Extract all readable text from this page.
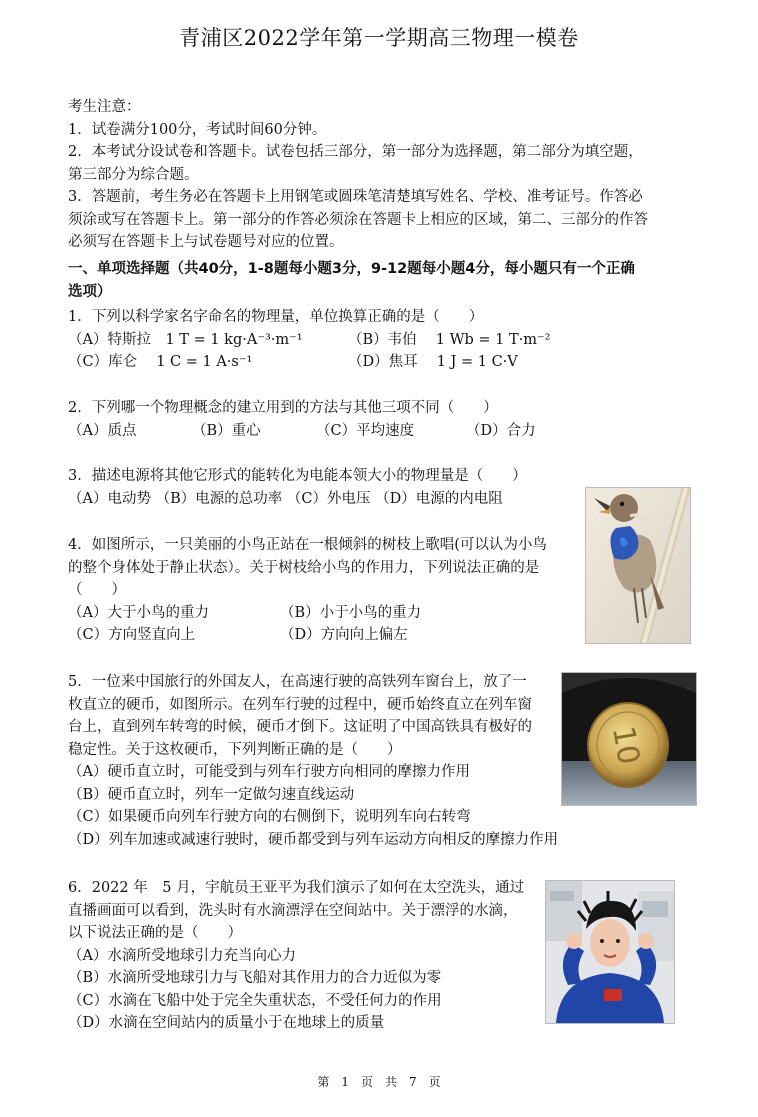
青浦区2022学年第一学期高三物理一模卷
考生注意：
1．试卷满分100分，考试时间60分钟。
2．本考试分设试卷和答题卡。试卷包括三部分，第一部分为选择题，第二部分为填空题，
第三部分为综合题。
3．答题前，考生务必在答题卡上用钢笔或圆珠笔清楚填写姓名、学校、准考证号。作答必
须涂或写在答题卡上。第一部分的作答必须涂在答题卡上相应的区域，第二、三部分的作答
必须写在答题卡上与试卷题号对应的位置。
一、单项选择题（共40分，1-8题每小题3分，9-12题每小题4分，每小题只有一个正确
选项）
1．下列以科学家名字命名的物理量，单位换算正确的是（　　）
（A）特斯拉　1 T = 1 kg·A⁻³·m⁻¹	（B）韦伯　 1 Wb = 1 T·m⁻²
（C）库仑　 1 C = 1 A·s⁻¹	（D）焦耳　 1 J = 1 C·V
2．下列哪一个物理概念的建立用到的方法与其他三项不同（　　）
（A）质点	（B）重心	（C）平均速度	（D）合力
3．描述电源将其他它形式的能转化为电能本领大小的物理量是（　　）
（A）电动势 （B）电源的总功率 （C）外电压 （D）电源的内电阻
4．如图所示，一只美丽的小鸟正站在一根倾斜的树枝上歌唱(可以认为小鸟
的整个身体处于静止状态）。关于树枝给小鸟的作用力，下列说法正确的是
（　　）
（A）大于小鸟的重力	（B）小于小鸟的重力
（C）方向竖直向上	（D）方向向上偏左
5．一位来中国旅行的外国友人，在高速行驶的高铁列车窗台上，放了一
枚直立的硬币，如图所示。在列车行驶的过程中，硬币始终直立在列车窗
台上，直到列车转弯的时候，硬币才倒下。这证明了中国高铁具有极好的
稳定性。关于这枚硬币，下列判断正确的是（　　）
（A）硬币直立时，可能受到与列车行驶方向相同的摩擦力作用
（B）硬币直立时，列车一定做匀速直线运动
（C）如果硬币向列车行驶方向的右侧倒下，说明列车向右转弯
（D）列车加速或减速行驶时，硬币都受到与列车运动方向相反的摩擦力作用
10
6．2022 年　5 月，宇航员王亚平为我们演示了如何在太空洗头，通过
直播画面可以看到，洗头时有水滴漂浮在空间站中。关于漂浮的水滴，
以下说法正确的是（　　）
（A）水滴所受地球引力充当向心力
（B）水滴所受地球引力与飞船对其作用力的合力近似为零
（C）水滴在飞船中处于完全失重状态，不受任何力的作用
（D）水滴在空间站内的质量小于在地球上的质量
第　1　页　共　7　页
